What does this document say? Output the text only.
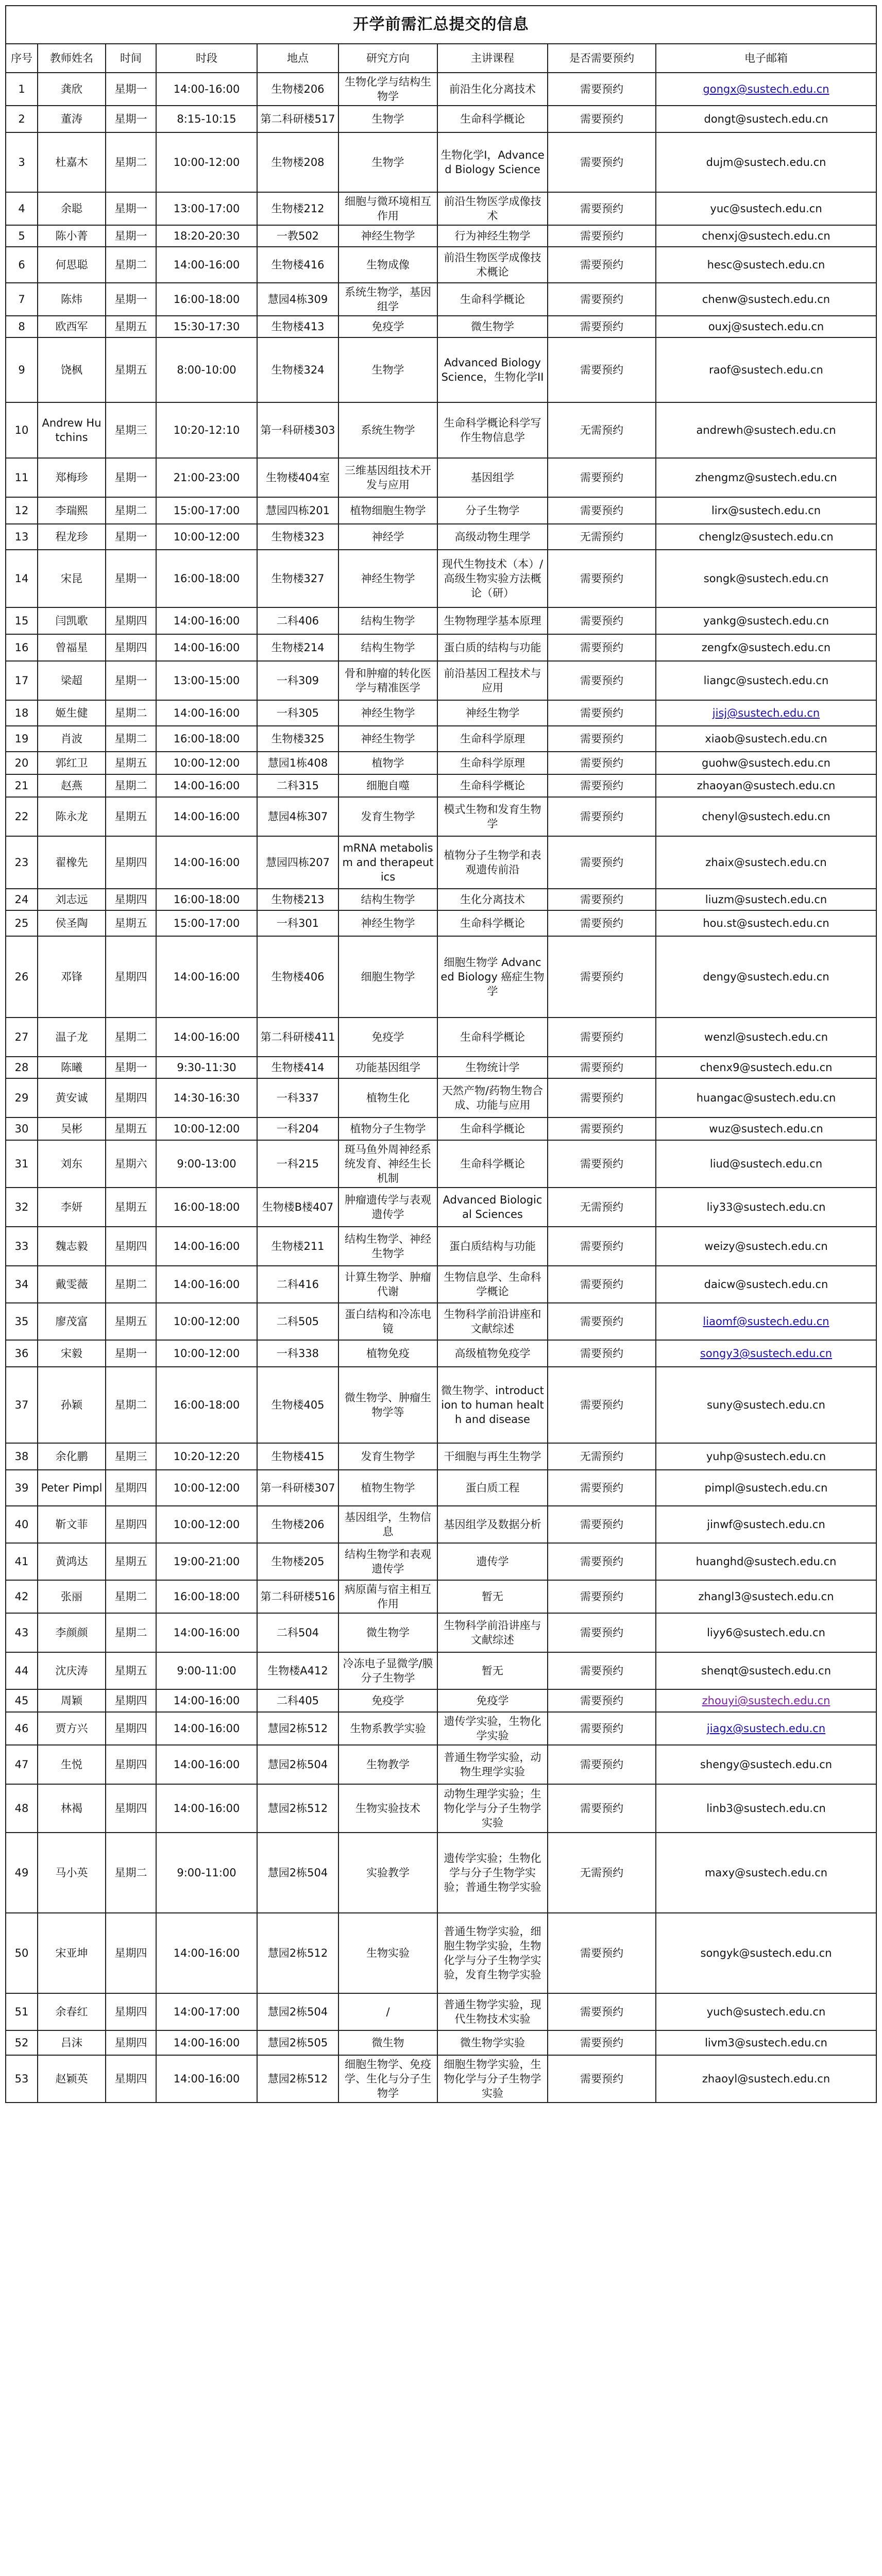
开学前需汇总提交的信息								
序号	教师姓名	时间	时段	地点	研究方向	主讲课程	是否需要预约	电子邮箱
1	龚欣	星期一	14:00-16:00	生物楼206	生物化学与结构生物学	前沿生化分离技术	需要预约	gongx@sustech.edu.cn
2	董涛	星期一	8:15-10:15	第二科研楼517	生物学	生命科学概论	需要预约	dongt@sustech.edu.cn
3	杜嘉木	星期二	10:00-12:00	生物楼208	生物学	生物化学I，Advanced Biology Science	需要预约	dujm@sustech.edu.cn
4	余聪	星期一	13:00-17:00	生物楼212	细胞与微环境相互作用	前沿生物医学成像技术	需要预约	yuc@sustech.edu.cn
5	陈小菁	星期一	18:20-20:30	一教502	神经生物学	行为神经生物学	需要预约	chenxj@sustech.edu.cn
6	何思聪	星期二	14:00-16:00	生物楼416	生物成像	前沿生物医学成像技术概论	需要预约	hesc@sustech.edu.cn
7	陈炜	星期一	16:00-18:00	慧园4栋309	系统生物学，基因组学	生命科学概论	需要预约	chenw@sustech.edu.cn
8	欧西军	星期五	15:30-17:30	生物楼413	免疫学	微生物学	需要预约	ouxj@sustech.edu.cn
9	饶枫	星期五	8:00-10:00	生物楼324	生物学	Advanced Biology Science，生物化学II	需要预约	raof@sustech.edu.cn
10	Andrew Hutchins	星期三	10:20-12:10	第一科研楼303	系统生物学	生命科学概论科学写作生物信息学	无需预约	andrewh@sustech.edu.cn
11	郑梅珍	星期一	21:00-23:00	生物楼404室	三维基因组技术开发与应用	基因组学	需要预约	zhengmz@sustech.edu.cn
12	李瑞熙	星期二	15:00-17:00	慧园四栋201	植物细胞生物学	分子生物学	需要预约	lirx@sustech.edu.cn
13	程龙珍	星期一	10:00-12:00	生物楼323	神经学	高级动物生理学	无需预约	chenglz@sustech.edu.cn
14	宋昆	星期一	16:00-18:00	生物楼327	神经生物学	现代生物技术（本）/高级生物实验方法概论（研）	需要预约	songk@sustech.edu.cn
15	闫凯歌	星期四	14:00-16:00	二科406	结构生物学	生物物理学基本原理	需要预约	yankg@sustech.edu.cn
16	曾福星	星期四	14:00-16:00	生物楼214	结构生物学	蛋白质的结构与功能	需要预约	zengfx@sustech.edu.cn
17	梁超	星期一	13:00-15:00	一科309	骨和肿瘤的转化医学与精准医学	前沿基因工程技术与应用	需要预约	liangc@sustech.edu.cn
18	姬生健	星期二	14:00-16:00	一科305	神经生物学	神经生物学	需要预约	jisj@sustech.edu.cn
19	肖波	星期二	16:00-18:00	生物楼325	神经生物学	生命科学原理	需要预约	xiaob@sustech.edu.cn
20	郭红卫	星期五	10:00-12:00	慧园1栋408	植物学	生命科学原理	需要预约	guohw@sustech.edu.cn
21	赵燕	星期二	14:00-16:00	二科315	细胞自噬	生命科学概论	需要预约	zhaoyan@sustech.edu.cn
22	陈永龙	星期五	14:00-16:00	慧园4栋307	发育生物学	模式生物和发育生物学	需要预约	chenyl@sustech.edu.cn
23	翟橡先	星期四	14:00-16:00	慧园四栋207	mRNA metabolism and therapeutics	植物分子生物学和表观遗传前沿	需要预约	zhaix@sustech.edu.cn
24	刘志远	星期四	16:00-18:00	生物楼213	结构生物学	生化分离技术	需要预约	liuzm@sustech.edu.cn
25	侯圣陶	星期五	15:00-17:00	一科301	神经生物学	生命科学概论	需要预约	hou.st@sustech.edu.cn
26	邓锋	星期四	14:00-16:00	生物楼406	细胞生物学	细胞生物学 Advanced Biology 癌症生物学	需要预约	dengy@sustech.edu.cn
27	温子龙	星期二	14:00-16:00	第二科研楼411	免疫学	生命科学概论	需要预约	wenzl@sustech.edu.cn
28	陈曦	星期一	9:30-11:30	生物楼414	功能基因组学	生物统计学	需要预约	chenx9@sustech.edu.cn
29	黄安诚	星期四	14:30-16:30	一科337	植物生化	天然产物/药物生物合成、功能与应用	需要预约	huangac@sustech.edu.cn
30	吴彬	星期五	10:00-12:00	一科204	植物分子生物学	生命科学概论	需要预约	wuz@sustech.edu.cn
31	刘东	星期六	9:00-13:00	一科215	斑马鱼外周神经系统发育、神经生长机制	生命科学概论	需要预约	liud@sustech.edu.cn
32	李妍	星期五	16:00-18:00	生物楼B楼407	肿瘤遗传学与表观遗传学	Advanced Biological Sciences	无需预约	liy33@sustech.edu.cn
33	魏志毅	星期四	14:00-16:00	生物楼211	结构生物学、神经生物学	蛋白质结构与功能	需要预约	weizy@sustech.edu.cn
34	戴雯薇	星期二	14:00-16:00	二科416	计算生物学、肿瘤代谢	生物信息学、生命科学概论	需要预约	daicw@sustech.edu.cn
35	廖茂富	星期五	10:00-12:00	二科505	蛋白结构和冷冻电镜	生物科学前沿讲座和文献综述	需要预约	liaomf@sustech.edu.cn
36	宋毅	星期一	10:00-12:00	一科338	植物免疫	高级植物免疫学	需要预约	songy3@sustech.edu.cn
37	孙颖	星期二	16:00-18:00	生物楼405	微生物学、肿瘤生物学等	微生物学、introduction to human health and disease	需要预约	suny@sustech.edu.cn
38	余化鹏	星期三	10:20-12:20	生物楼415	发育生物学	干细胞与再生生物学	无需预约	yuhp@sustech.edu.cn
39	Peter Pimpl	星期四	10:00-12:00	第一科研楼307	植物生物学	蛋白质工程	需要预约	pimpl@sustech.edu.cn
40	靳文菲	星期四	10:00-12:00	生物楼206	基因组学，生物信息	基因组学及数据分析	需要预约	jinwf@sustech.edu.cn
41	黄鸿达	星期五	19:00-21:00	生物楼205	结构生物学和表观遗传学	遗传学	需要预约	huanghd@sustech.edu.cn
42	张丽	星期二	16:00-18:00	第二科研楼516	病原菌与宿主相互作用	暂无	需要预约	zhangl3@sustech.edu.cn
43	李颜颜	星期二	14:00-16:00	二科504	微生物学	生物科学前沿讲座与文献综述	需要预约	liyy6@sustech.edu.cn
44	沈庆涛	星期五	9:00-11:00	生物楼A412	冷冻电子显微学/膜分子生物学	暂无	需要预约	shenqt@sustech.edu.cn
45	周颖	星期四	14:00-16:00	二科405	免疫学	免疫学	需要预约	zhouyi@sustech.edu.cn
46	贾方兴	星期四	14:00-16:00	慧园2栋512	生物系教学实验	遗传学实验，生物化学实验	需要预约	jiagx@sustech.edu.cn
47	生悦	星期四	14:00-16:00	慧园2栋504	生物教学	普通生物学实验，动物生理学实验	需要预约	shengy@sustech.edu.cn
48	林褐	星期四	14:00-16:00	慧园2栋512	生物实验技术	动物生理学实验；生物化学与分子生物学实验	需要预约	linb3@sustech.edu.cn
49	马小英	星期二	9:00-11:00	慧园2栋504	实验教学	遗传学实验；生物化学与分子生物学实验；普通生物学实验	无需预约	maxy@sustech.edu.cn
50	宋亚坤	星期四	14:00-16:00	慧园2栋512	生物实验	普通生物学实验，细胞生物学实验，生物化学与分子生物学实验，发育生物学实验	需要预约	songyk@sustech.edu.cn
51	余春红	星期四	14:00-17:00	慧园2栋504	/	普通生物学实验，现代生物技术实验	需要预约	yuch@sustech.edu.cn
52	吕沫	星期四	14:00-16:00	慧园2栋505	微生物	微生物学实验	需要预约	livm3@sustech.edu.cn
53	赵颖英	星期四	14:00-16:00	慧园2栋512	细胞生物学、免疫学、生化与分子生物学	细胞生物学实验，生物化学与分子生物学实验	需要预约	zhaoyl@sustech.edu.cn
